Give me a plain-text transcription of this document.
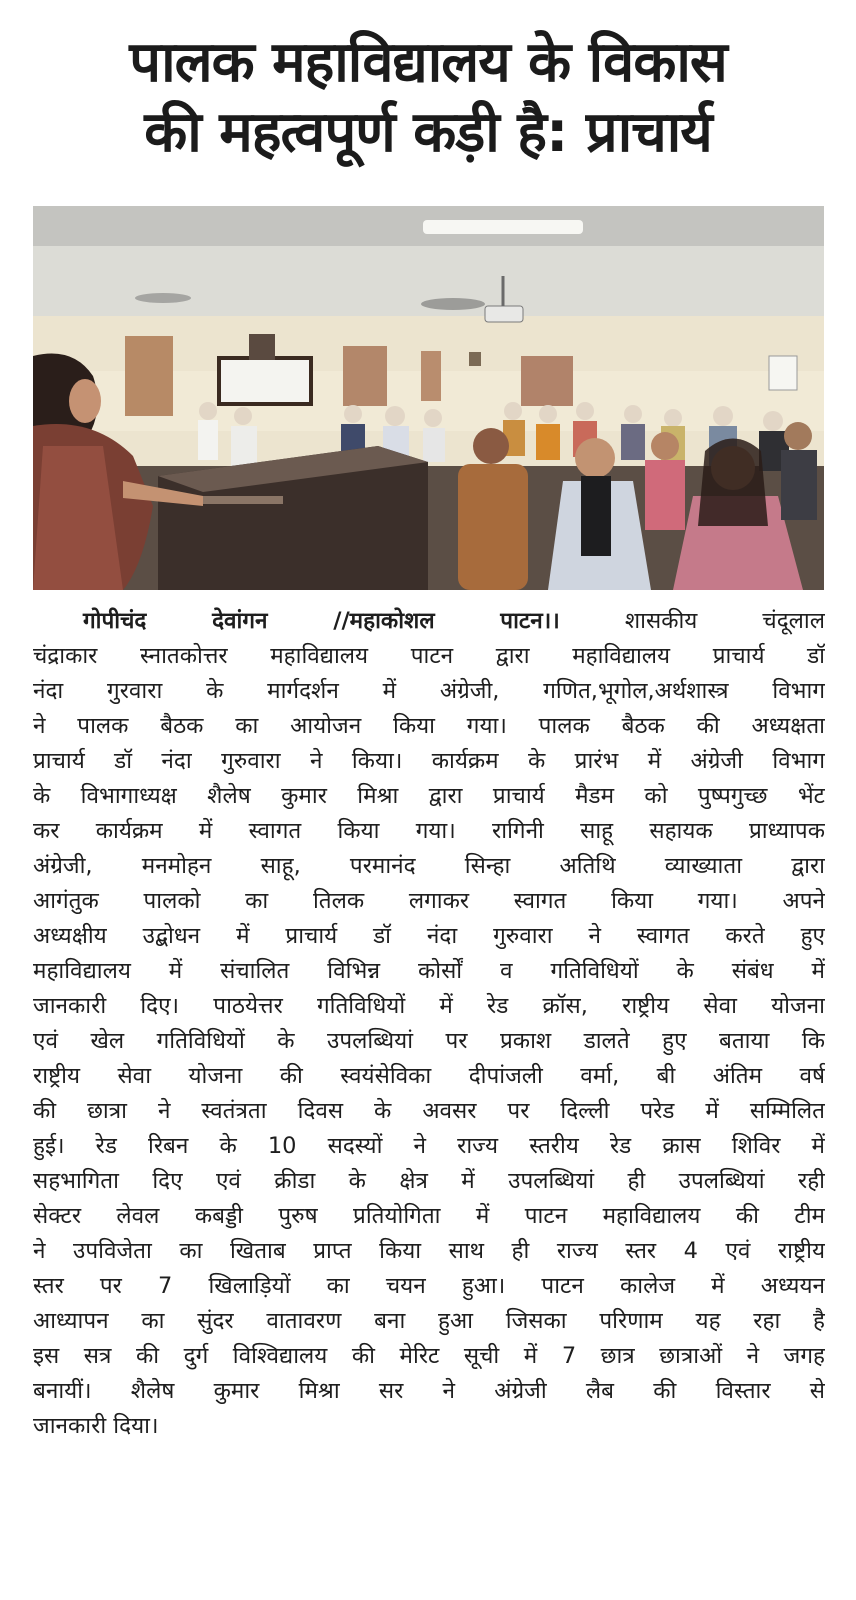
पालक महाविद्यालय के विकास
की महत्वपूर्ण कड़ी है: प्राचार्य
गोपीचंद देवांगन //महाकोशल पाटन।।	शासकीय चंदूलाल
चंद्राकार स्नातकोत्तर महाविद्यालय पाटन द्वारा महाविद्यालय प्राचार्य डॉ
नंदा गुरवारा के मार्गदर्शन में अंग्रेजी, गणित,भूगोल,अर्थशास्त्र विभाग
ने पालक बैठक का आयोजन किया गया। पालक बैठक की अध्यक्षता
प्राचार्य डॉ नंदा गुरुवारा ने किया। कार्यक्रम के प्रारंभ में अंग्रेजी विभाग
के विभागाध्यक्ष शैलेष कुमार मिश्रा द्वारा प्राचार्य मैडम को पुष्पगुच्छ भेंट
कर कार्यक्रम में स्वागत किया गया। रागिनी साहू सहायक प्राध्यापक
अंग्रेजी, मनमोहन साहू, परमानंद सिन्हा अतिथि व्याख्याता द्वारा
आगंतुक पालको का तिलक लगाकर स्वागत किया गया। अपने
अध्यक्षीय उद्बोधन में प्राचार्य डॉ नंदा गुरुवारा ने स्वागत करते हुए
महाविद्यालय में संचालित विभिन्न कोर्सों व गतिविधियों के संबंध में
जानकारी दिए। पाठयेत्तर गतिविधियों में रेड क्रॉस, राष्ट्रीय सेवा योजना
एवं खेल गतिविधियों के उपलब्धियां पर प्रकाश डालते हुए बताया कि
राष्ट्रीय सेवा योजना की स्वयंसेविका दीपांजली वर्मा, बी अंतिम वर्ष
की छात्रा ने स्वतंत्रता दिवस के अवसर पर दिल्ली परेड में सम्मिलित
हुई। रेड रिबन के 10 सदस्यों ने राज्य स्तरीय रेड क्रास शिविर में
सहभागिता दिए एवं क्रीडा के क्षेत्र में उपलब्धियां ही उपलब्धियां रही
सेक्टर लेवल कबड्डी पुरुष प्रतियोगिता में पाटन महाविद्यालय की टीम
ने उपविजेता का खिताब प्राप्त किया साथ ही राज्य स्तर 4 एवं राष्ट्रीय
स्तर पर 7 खिलाड़ियों का चयन हुआ। पाटन कालेज में अध्ययन
आध्यापन का सुंदर वातावरण बना हुआ जिसका परिणाम यह रहा है
इस सत्र की दुर्ग विश्विद्यालय की मेरिट सूची में 7 छात्र छात्राओं ने जगह
बनायीं। शैलेष कुमार मिश्रा सर ने अंग्रेजी लैब की विस्तार से
जानकारी दिया।
